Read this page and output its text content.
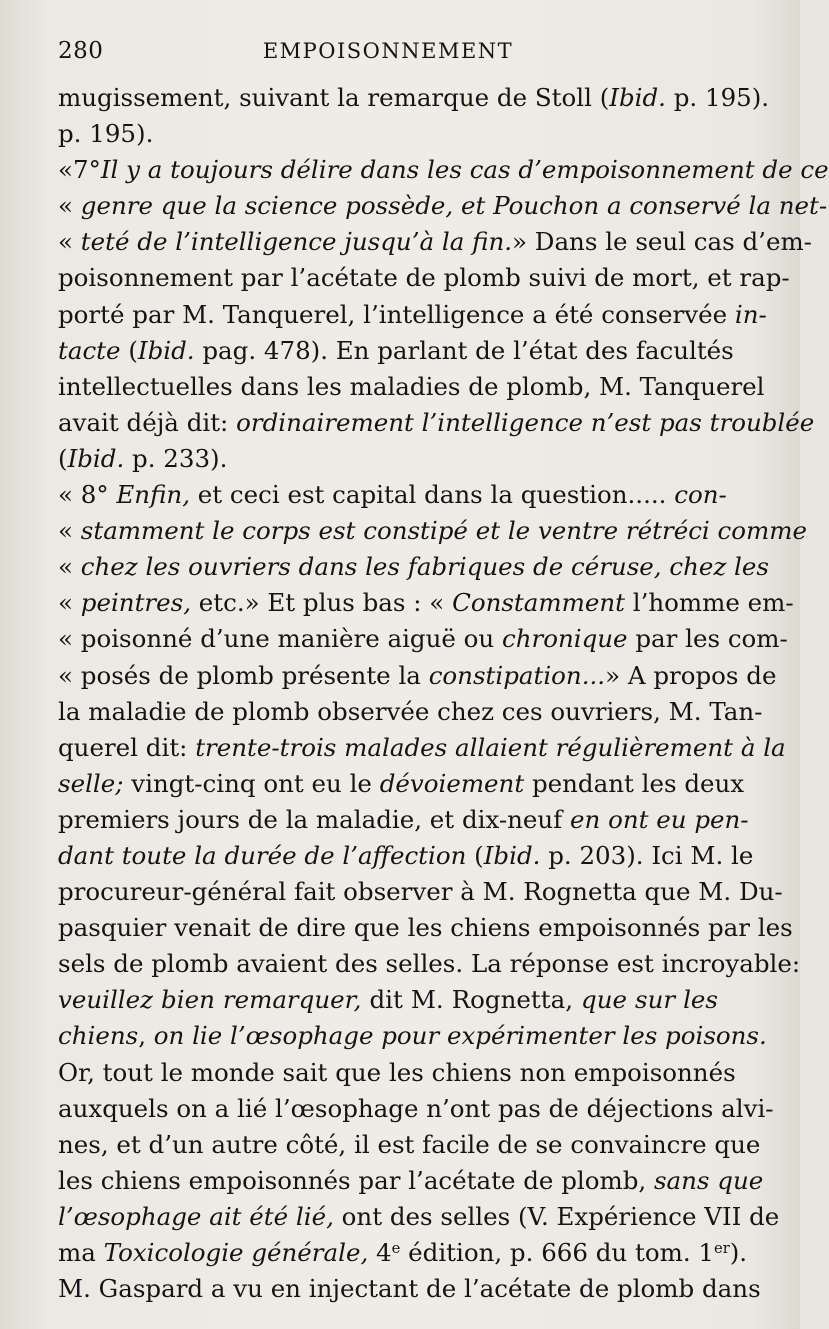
280	EMPOISONNEMENT
mugissement, suivant la remarque de Stoll (Ibid. p. 195).
p. 195).
«7°Il y a toujours délire dans les cas d’empoisonnement de ce
« genre que la science possède, et Pouchon a conservé la net-
« teté de l’intelligence jusqu’à la fin.» Dans le seul cas d’em-
poisonnement par l’acétate de plomb suivi de mort, et rap-
porté par M. Tanquerel, l’intelligence a été conservée in-
tacte (Ibid. pag. 478). En parlant de l’état des facultés
intellectuelles dans les maladies de plomb, M. Tanquerel
avait déjà dit: ordinairement l’intelligence n’est pas troublée
(Ibid. p. 233).
« 8° Enfin, et ceci est capital dans la question..... con-
« stamment le corps est constipé et le ventre rétréci comme
« chez les ouvriers dans les fabriques de céruse, chez les
« peintres, etc.» Et plus bas : « Constamment l’homme em-
« poisonné d’une manière aiguë ou chronique par les com-
« posés de plomb présente la constipation...» A propos de
la maladie de plomb observée chez ces ouvriers, M. Tan-
querel dit: trente-trois malades allaient régulièrement à la
selle; vingt-cinq ont eu le dévoiement pendant les deux
premiers jours de la maladie, et dix-neuf en ont eu pen-
dant toute la durée de l’affection (Ibid. p. 203). Ici M. le
procureur-général fait observer à M. Rognetta que M. Du-
pasquier venait de dire que les chiens empoisonnés par les
sels de plomb avaient des selles. La réponse est incroyable:
veuillez bien remarquer, dit M. Rognetta, que sur les
chiens, on lie l’œsophage pour expérimenter les poisons.
Or, tout le monde sait que les chiens non empoisonnés
auxquels on a lié l’œsophage n’ont pas de déjections alvi-
nes, et d’un autre côté, il est facile de se convaincre que
les chiens empoisonnés par l’acétate de plomb, sans que
l’œsophage ait été lié, ont des selles (V. Expérience VII de
ma Toxicologie générale, 4e édition, p. 666 du tom. 1er).
M. Gaspard a vu en injectant de l’acétate de plomb dans
